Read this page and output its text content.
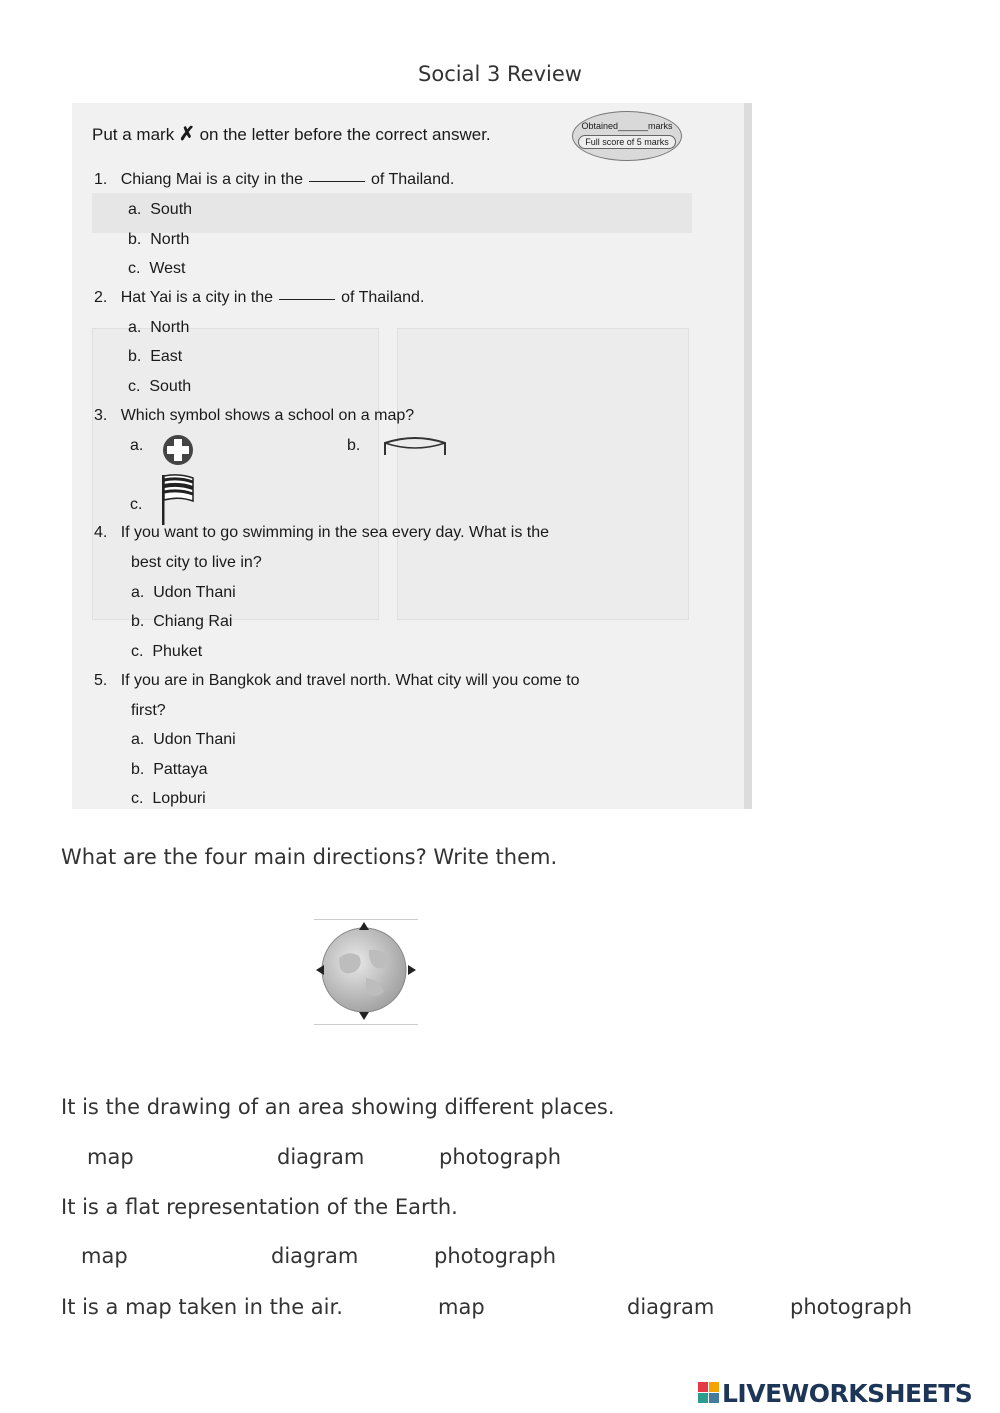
Social 3 Review
Put a mark ✗ on the letter before the correct answer.	Obtained______marks
Full score of 5 marks
1. Chiang Mai is a city in the	of Thailand.
a. South
b. North
c. West
2. Hat Yai is a city in the	of Thailand.
a. North
b. East
c. South
3. Which symbol shows a school on a map?
a.	b.
c.
4. If you want to go swimming in the sea every day. What is the
best city to live in?
a. Udon Thani
b. Chiang Rai
c. Phuket
5. If you are in Bangkok and travel north. What city will you come to
first?
a. Udon Thani
b. Pattaya
c. Lopburi
What are the four main directions? Write them.
It is the drawing of an area showing different places.
map	diagram	photograph
It is a flat representation of the Earth.
map	diagram	photograph
It is a map taken in the air.	map	diagram	photograph
LIVEWORKSHEETS
